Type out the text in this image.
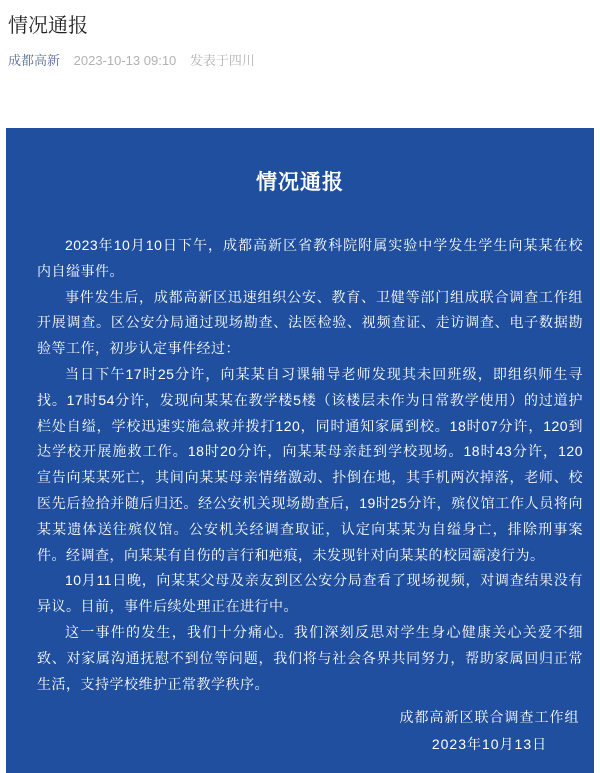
情况通报
成都高新 2023-10-13 09:10 发表于四川
情况通报
2023年10月10日下午，成都高新区省教科院附属实验中学发生学生向某某在校
内自缢事件。
事件发生后，成都高新区迅速组织公安、教育、卫健等部门组成联合调查工作组
开展调查。区公安分局通过现场勘查、法医检验、视频查证、走访调查、电子数据勘
验等工作，初步认定事件经过：
当日下午17时25分许，向某某自习课辅导老师发现其未回班级，即组织师生寻
找。17时54分许，发现向某某在教学楼5楼（该楼层未作为日常教学使用）的过道护
栏处自缢，学校迅速实施急救并拨打120，同时通知家属到校。18时07分许，120到
达学校开展施救工作。18时20分许，向某某母亲赶到学校现场。18时43分许，120
宣告向某某死亡，其间向某某母亲情绪激动、扑倒在地，其手机两次掉落，老师、校
医先后捡拾并随后归还。经公安机关现场勘查后，19时25分许，殡仪馆工作人员将向
某某遗体送往殡仪馆。公安机关经调查取证，认定向某某为自缢身亡，排除刑事案
件。经调查，向某某有自伤的言行和疤痕，未发现针对向某某的校园霸凌行为。
10月11日晚，向某某父母及亲友到区公安分局查看了现场视频，对调查结果没有
异议。目前，事件后续处理正在进行中。
这一事件的发生，我们十分痛心。我们深刻反思对学生身心健康关心关爱不细
致、对家属沟通抚慰不到位等问题，我们将与社会各界共同努力，帮助家属回归正常
生活，支持学校维护正常教学秩序。
成都高新区联合调查工作组
2023年10月13日
